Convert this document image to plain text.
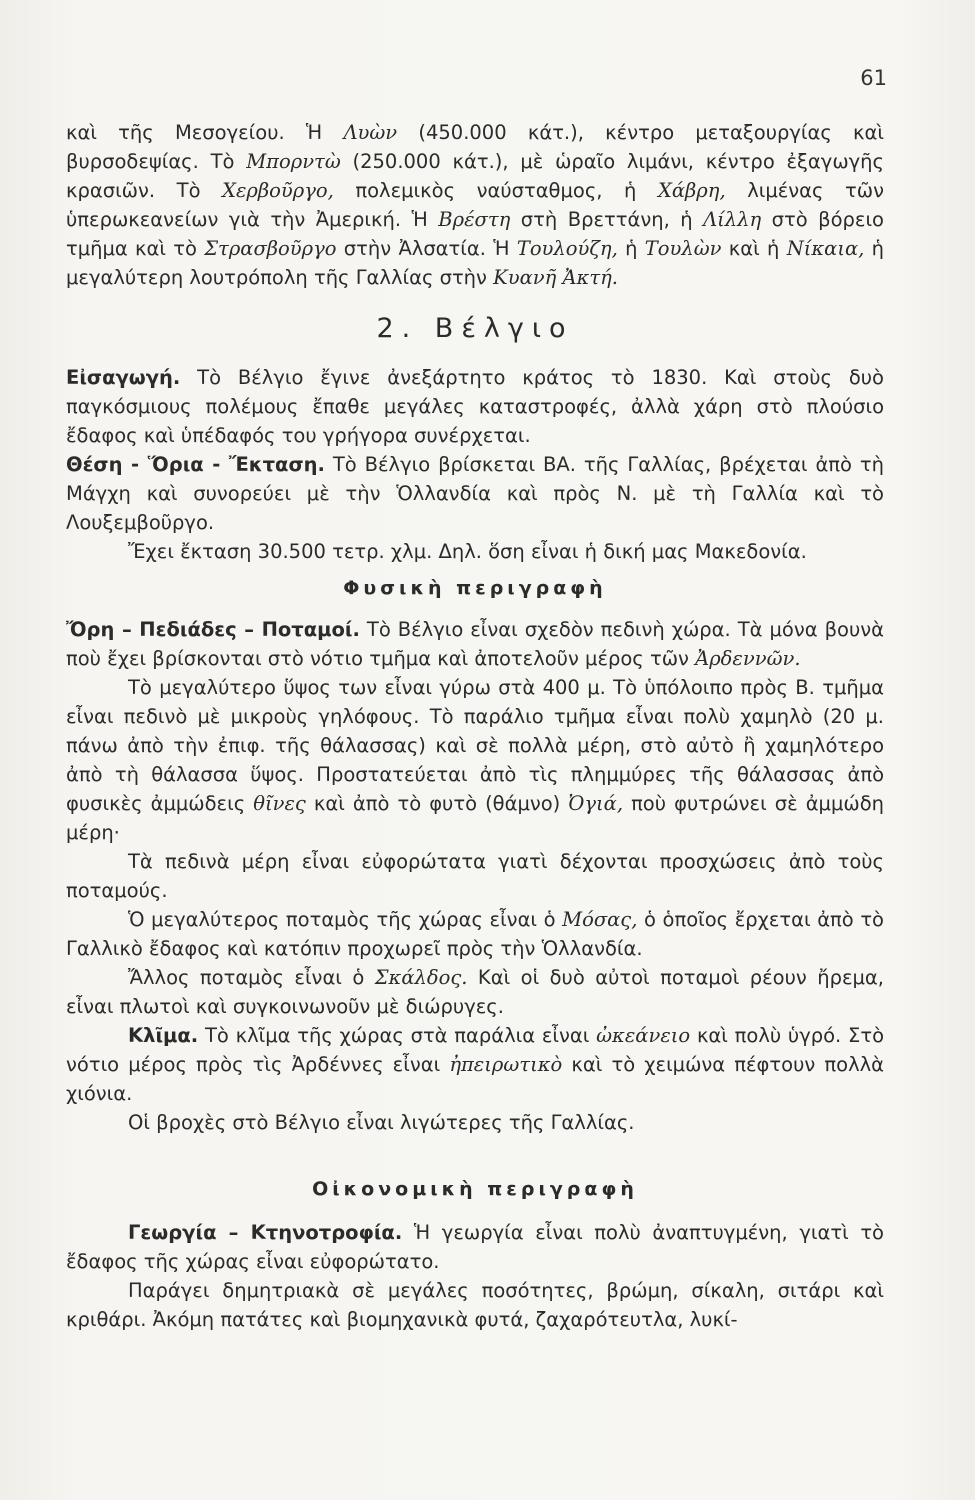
61

καὶ τῆς Μεσογείου. Ἡ Λυὼν (450.000 κάτ.), κέντρο μεταξουργίας καὶ βυρσοδεψίας. Τὸ Μπορντὼ (250.000 κάτ.), μὲ ὡραῖο λιμάνι, κέντρο ἐξαγωγῆς κρασιῶν. Τὸ Χερβοῦργο, πολεμικὸς ναύσταθμος, ἡ Χάβρη, λιμένας τῶν ὑπερωκεανείων γιὰ τὴν Ἀμερική. Ἡ Βρέστη στὴ Βρεττάνη, ἡ Λίλλη στὸ βόρειο τμῆμα καὶ τὸ Στρασβοῦργο στὴν Ἀλσατία. Ἡ Τουλούζη, ἡ Τουλὼν καὶ ἡ Νίκαια, ἡ μεγαλύτερη λουτρόπολη τῆς Γαλλίας στὴν Κυανῆ Ἀκτή.

2. Βέλγιο

Εἰσαγωγή. Τὸ Βέλγιο ἔγινε ἀνεξάρτητο κράτος τὸ 1830. Καὶ στοὺς δυὸ παγκόσμιους πολέμους ἔπαθε μεγάλες καταστροφές, ἀλλὰ χάρη στὸ πλούσιο ἔδαφος καὶ ὑπέδαφός του γρήγορα συνέρχεται.

Θέση - Ὅρια - Ἔκταση. Τὸ Βέλγιο βρίσκεται ΒΑ. τῆς Γαλλίας, βρέχεται ἀπὸ τὴ Μάγχη καὶ συνορεύει μὲ τὴν Ὁλλανδία καὶ πρὸς Ν. μὲ τὴ Γαλλία καὶ τὸ Λουξεμβοῦργο.

Ἔχει ἔκταση 30.500 τετρ. χλμ. Δηλ. ὅση εἶναι ἡ δική μας Μακεδονία.

Φυσικὴ περιγραφὴ

Ὄρη – Πεδιάδες – Ποταμοί. Τὸ Βέλγιο εἶναι σχεδὸν πεδινὴ χώρα. Τὰ μόνα βουνὰ ποὺ ἔχει βρίσκονται στὸ νότιο τμῆμα καὶ ἀποτελοῦν μέρος τῶν Ἀρδεννῶν.

Τὸ μεγαλύτερο ὕψος των εἶναι γύρω στὰ 400 μ. Τὸ ὑπόλοιπο πρὸς Β. τμῆμα εἶναι πεδινὸ μὲ μικροὺς γηλόφους. Τὸ παράλιο τμῆμα εἶναι πολὺ χαμηλὸ (20 μ. πάνω ἀπὸ τὴν ἐπιφ. τῆς θάλασσας) καὶ σὲ πολλὰ μέρη, στὸ αὐτὸ ἢ χαμηλότερο ἀπὸ τὴ θάλασσα ὕψος. Προστατεύεται ἀπὸ τὶς πλημμύρες τῆς θάλασσας ἀπὸ φυσικὲς ἀμμώδεις θῖνες καὶ ἀπὸ τὸ φυτὸ (θάμνο) Ὀγιά, ποὺ φυτρώνει σὲ ἀμμώδη μέρη·

Τὰ πεδινὰ μέρη εἶναι εὐφορώτατα γιατὶ δέχονται προσχώσεις ἀπὸ τοὺς ποταμούς.

Ὁ μεγαλύτερος ποταμὸς τῆς χώρας εἶναι ὁ Μόσας, ὁ ὁποῖος ἔρχεται ἀπὸ τὸ Γαλλικὸ ἔδαφος καὶ κατόπιν προχωρεῖ πρὸς τὴν Ὁλλανδία.

Ἄλλος ποταμὸς εἶναι ὁ Σκάλδος. Καὶ οἱ δυὸ αὐτοὶ ποταμοὶ ρέουν ἤρεμα, εἶναι πλωτοὶ καὶ συγκοινωνοῦν μὲ διώρυγες.

Κλῖμα. Τὸ κλῖμα τῆς χώρας στὰ παράλια εἶναι ὠκεάνειο καὶ πολὺ ὑγρό. Στὸ νότιο μέρος πρὸς τὶς Ἀρδέννες εἶναι ἠπειρωτικὸ καὶ τὸ χειμώνα πέφτουν πολλὰ χιόνια.

Οἱ βροχὲς στὸ Βέλγιο εἶναι λιγώτερες τῆς Γαλλίας.

Οἰκονομικὴ περιγραφὴ

Γεωργία – Κτηνοτροφία. Ἡ γεωργία εἶναι πολὺ ἀναπτυγμένη, γιατὶ τὸ ἔδαφος τῆς χώρας εἶναι εὐφορώτατο.

Παράγει δημητριακὰ σὲ μεγάλες ποσότητες, βρώμη, σίκαλη, σιτάρι καὶ κριθάρι. Ἀκόμη πατάτες καὶ βιομηχανικὰ φυτά, ζαχαρότευτλα, λυκί-
